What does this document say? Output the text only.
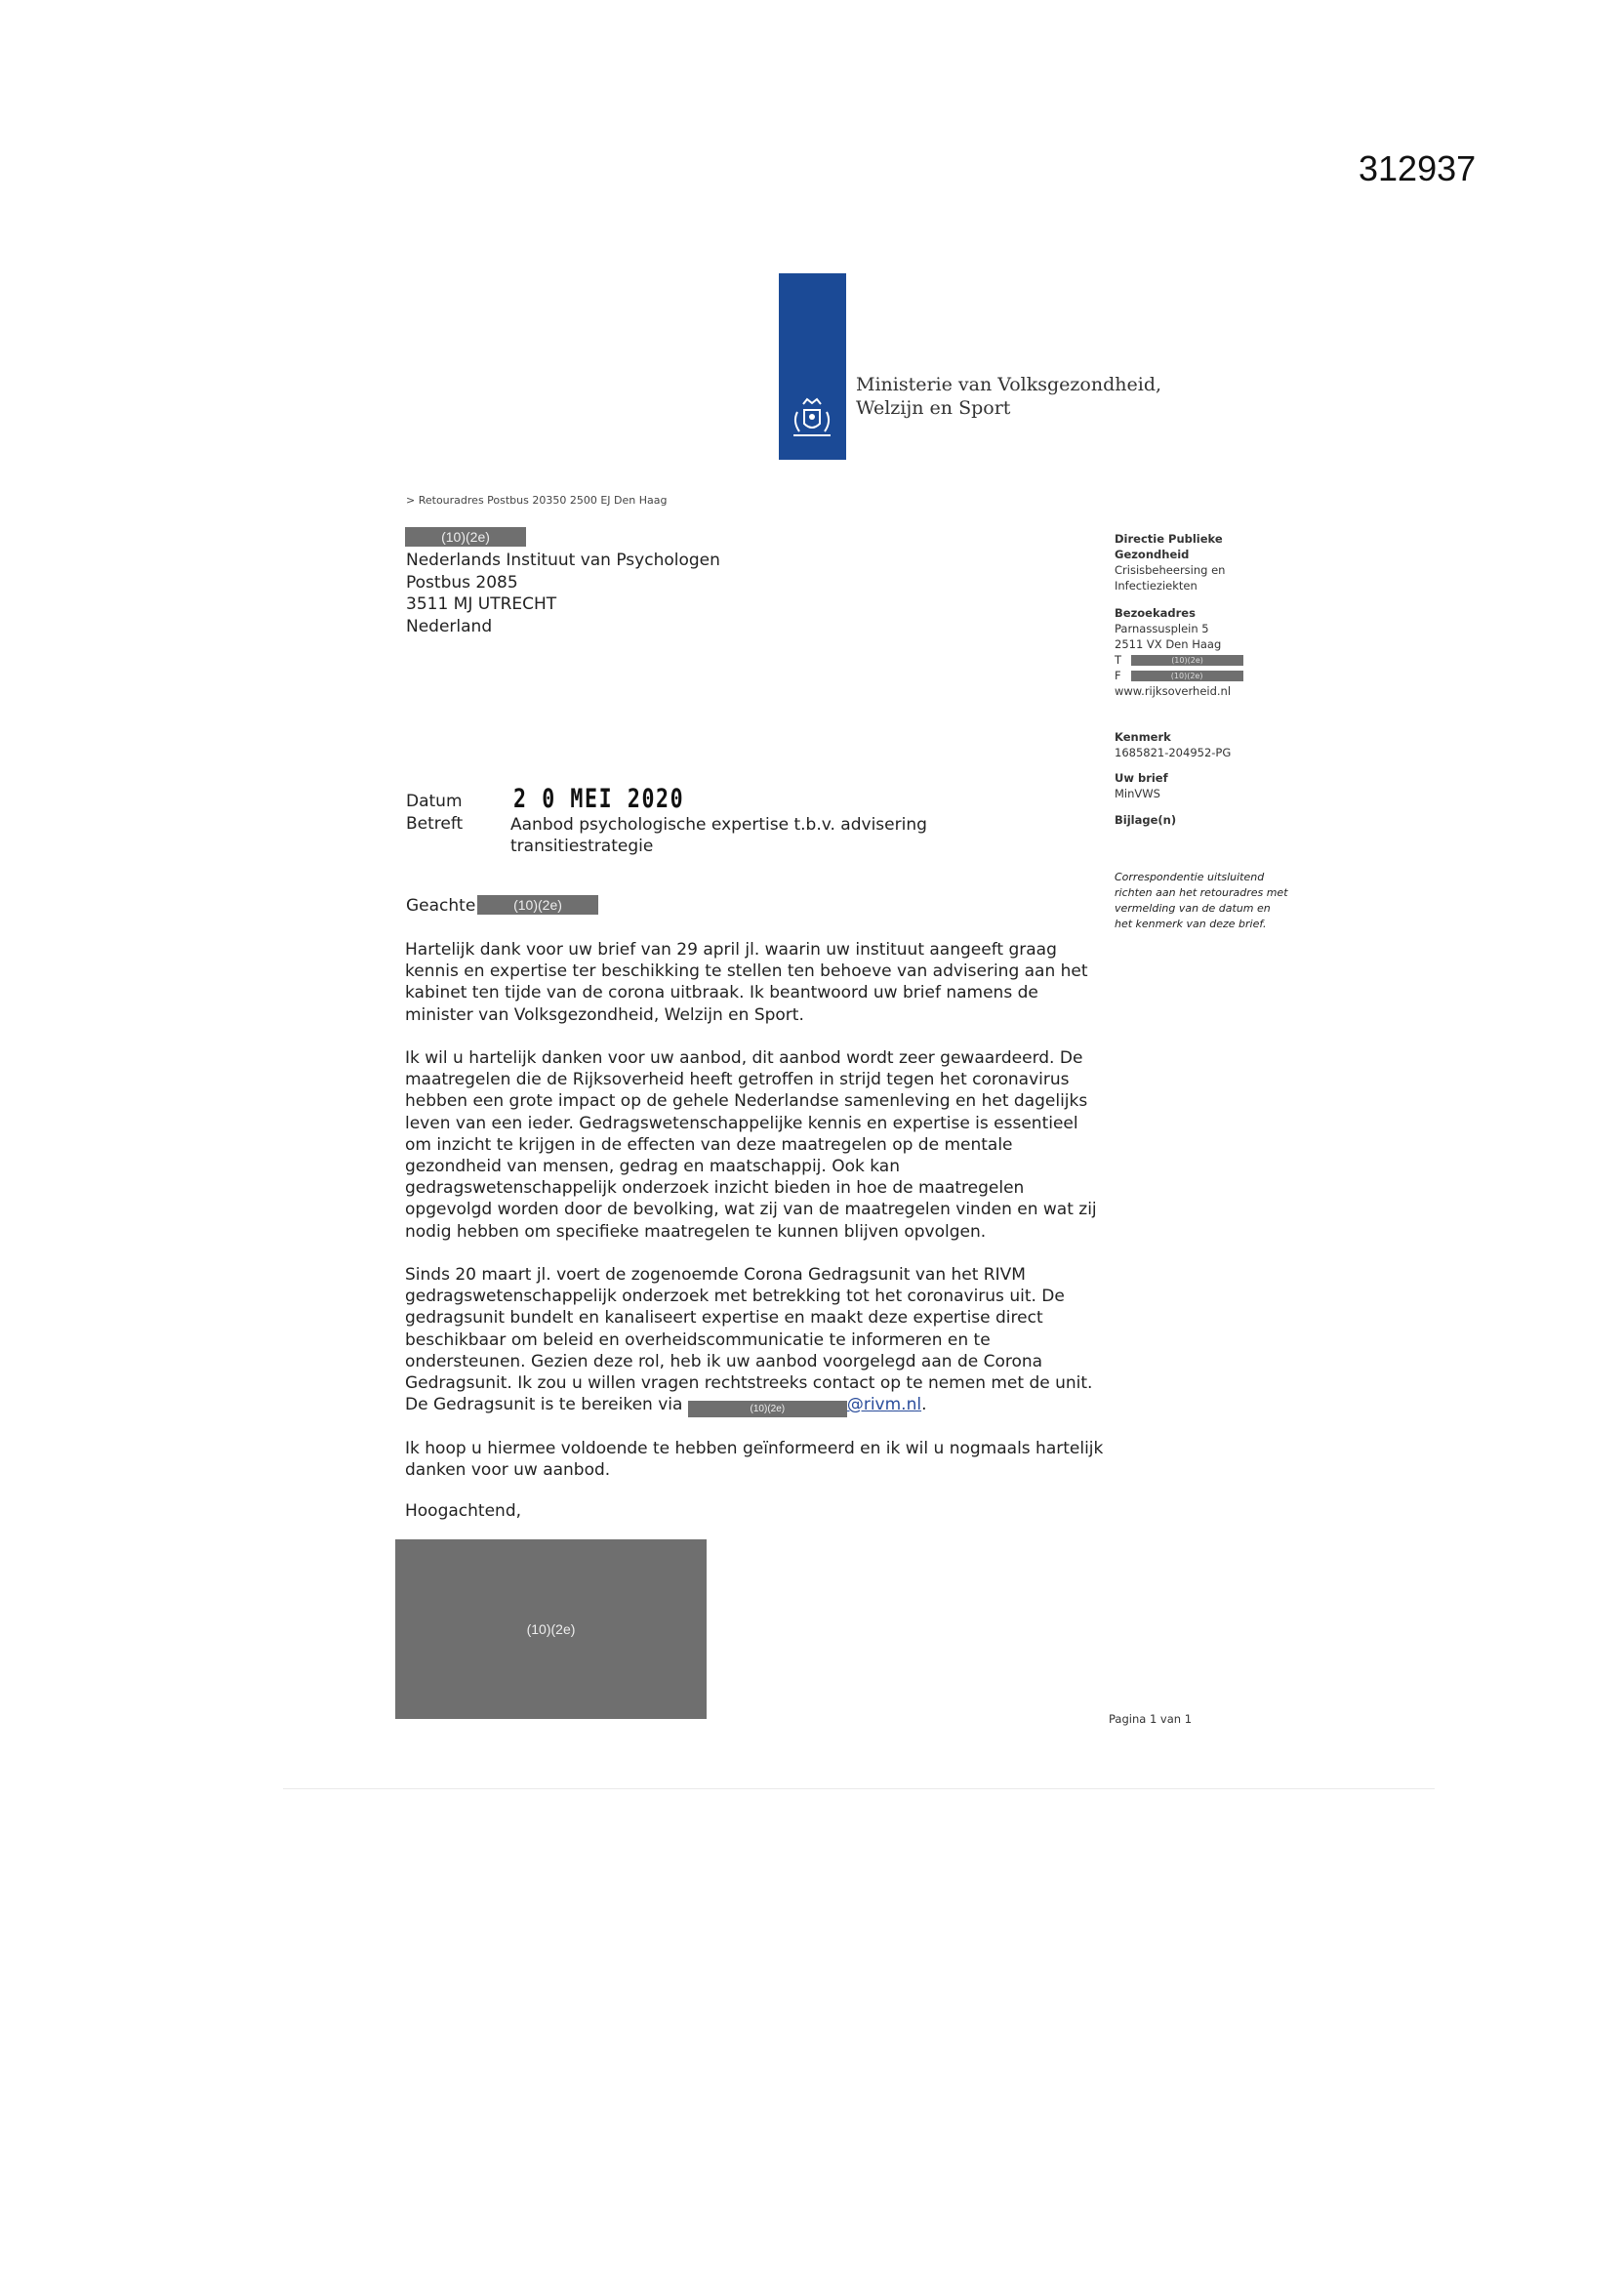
312937
Ministerie van Volksgezondheid,
Welzijn en Sport
> Retouradres Postbus 20350 2500 EJ Den Haag
(10)(2e)
Nederlands Instituut van Psychologen
Postbus 2085
3511 MJ UTRECHT
Nederland
Directie Publieke
Gezondheid
Crisisbeheersing en
Infectieziekten
Bezoekadres
Parnassusplein 5
2511 VX Den Haag
T	(10)(2e)
F	(10)(2e)
www.rijksoverheid.nl
Kenmerk
1685821-204952-PG
Uw brief
MinVWS
Bijlage(n)
Correspondentie uitsluitend richten aan het retouradres met vermelding van de datum en het kenmerk van deze brief.
Datum 2 0 MEI 2020
Betreft	Aanbod psychologische expertise t.b.v. advisering transitiestrategie
Geachte	(10)(2e)
Hartelijk dank voor uw brief van 29 april jl. waarin uw instituut aangeeft graag kennis en expertise ter beschikking te stellen ten behoeve van advisering aan het kabinet ten tijde van de corona uitbraak. Ik beantwoord uw brief namens de minister van Volksgezondheid, Welzijn en Sport.
Ik wil u hartelijk danken voor uw aanbod, dit aanbod wordt zeer gewaardeerd. De maatregelen die de Rijksoverheid heeft getroffen in strijd tegen het coronavirus hebben een grote impact op de gehele Nederlandse samenleving en het dagelijks leven van een ieder. Gedragswetenschappelijke kennis en expertise is essentieel om inzicht te krijgen in de effecten van deze maatregelen op de mentale gezondheid van mensen, gedrag en maatschappij. Ook kan gedragswetenschappelijk onderzoek inzicht bieden in hoe de maatregelen opgevolgd worden door de bevolking, wat zij van de maatregelen vinden en wat zij nodig hebben om specifieke maatregelen te kunnen blijven opvolgen.
Sinds 20 maart jl. voert de zogenoemde Corona Gedragsunit van het RIVM gedragswetenschappelijk onderzoek met betrekking tot het coronavirus uit. De gedragsunit bundelt en kanaliseert expertise en maakt deze expertise direct beschikbaar om beleid en overheidscommunicatie te informeren en te ondersteunen. Gezien deze rol, heb ik uw aanbod voorgelegd aan de Corona Gedragsunit. Ik zou u willen vragen rechtstreeks contact op te nemen met de unit. De Gedragsunit is te bereiken via	(10)(2e)	@rivm.nl.
Ik hoop u hiermee voldoende te hebben geïnformeerd en ik wil u nogmaals hartelijk danken voor uw aanbod.
Hoogachtend,
(10)(2e)
Pagina 1 van 1
